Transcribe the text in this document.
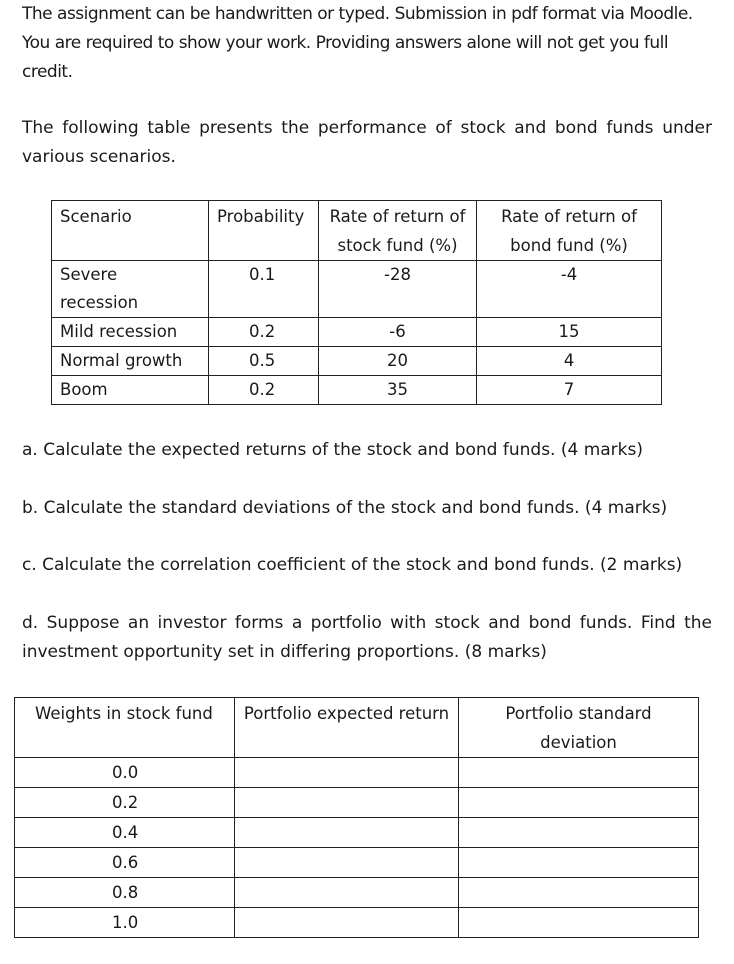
The assignment can be handwritten or typed. Submission in pdf format via Moodle. You are required to show your work. Providing answers alone will not get you full credit.

The following table presents the performance of stock and bond funds under various scenarios.

Scenario	Probability	Rate of return of stock fund (%)	Rate of return of bond fund (%)
Severe recession	0.1	-28	-4
Mild recession	0.2	-6	15
Normal growth	0.5	20	4
Boom	0.2	35	7

a. Calculate the expected returns of the stock and bond funds. (4 marks)

b. Calculate the standard deviations of the stock and bond funds. (4 marks)

c. Calculate the correlation coefficient of the stock and bond funds. (2 marks)

d. Suppose an investor forms a portfolio with stock and bond funds. Find the investment opportunity set in differing proportions. (8 marks)

Weights in stock fund	Portfolio expected return	Portfolio standard deviation
0.0		
0.2		
0.4		
0.6		
0.8		
1.0		
